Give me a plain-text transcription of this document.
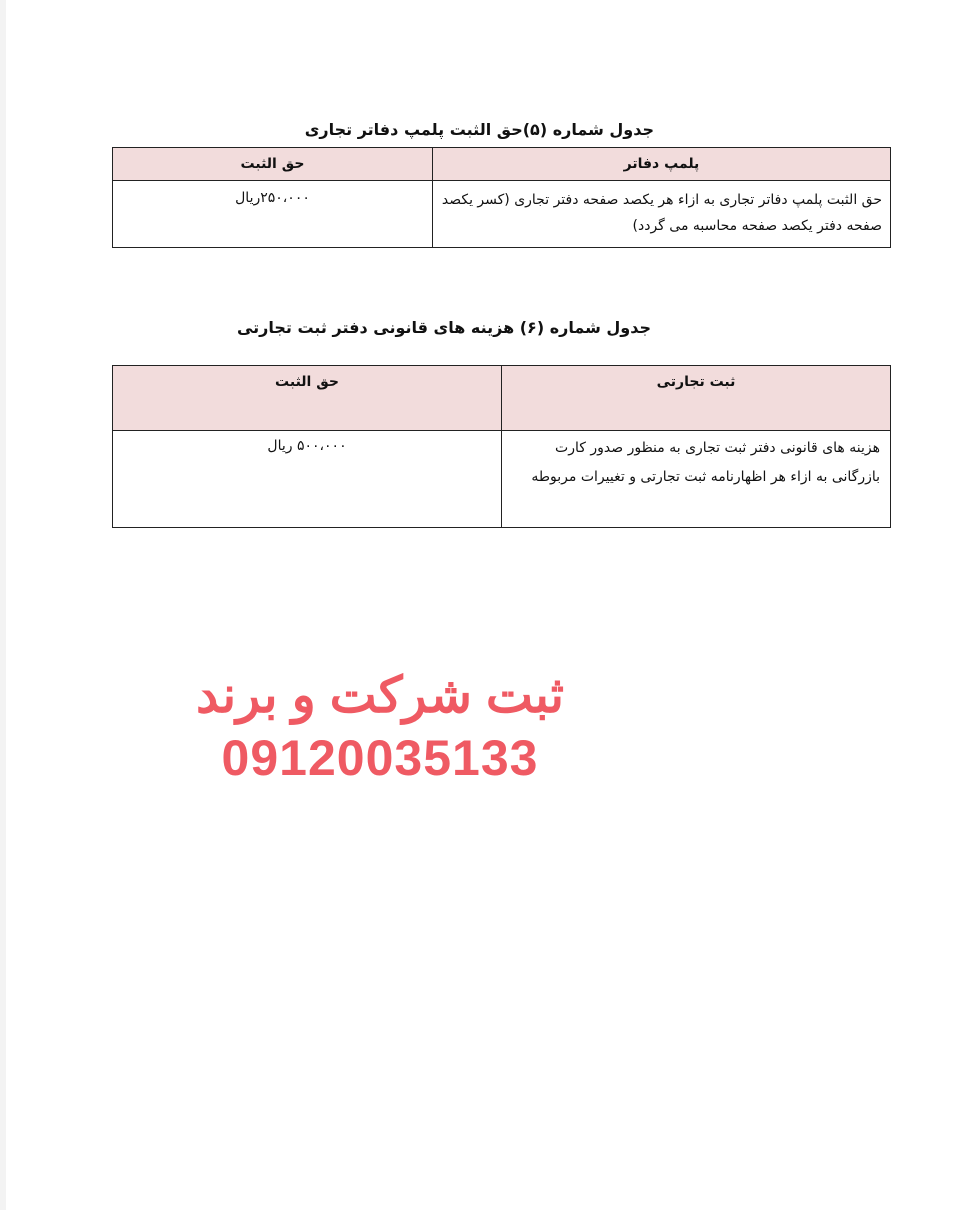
جدول شماره (۵)حق الثبت پلمپ دفاتر تجاری
پلمپ دفاتر	حق الثبت
حق الثبت پلمپ دفاتر تجاری به ازاء هر یکصد صفحه دفتر تجاری (کسر یکصد صفحه دفتر یکصد صفحه محاسبه می گردد)	۲۵۰،۰۰۰ریال
جدول شماره (۶) هزینه های قانونی دفتر ثبت تجارتی
ثبت تجارتی	حق الثبت
هزینه های قانونی دفتر ثبت تجاری به منظور صدور کارت بازرگانی به ازاء هر اظهارنامه ثبت تجارتی و تغییرات مربوطه	۵۰۰،۰۰۰ ریال
ثبت شرکت و برند
09120035133
